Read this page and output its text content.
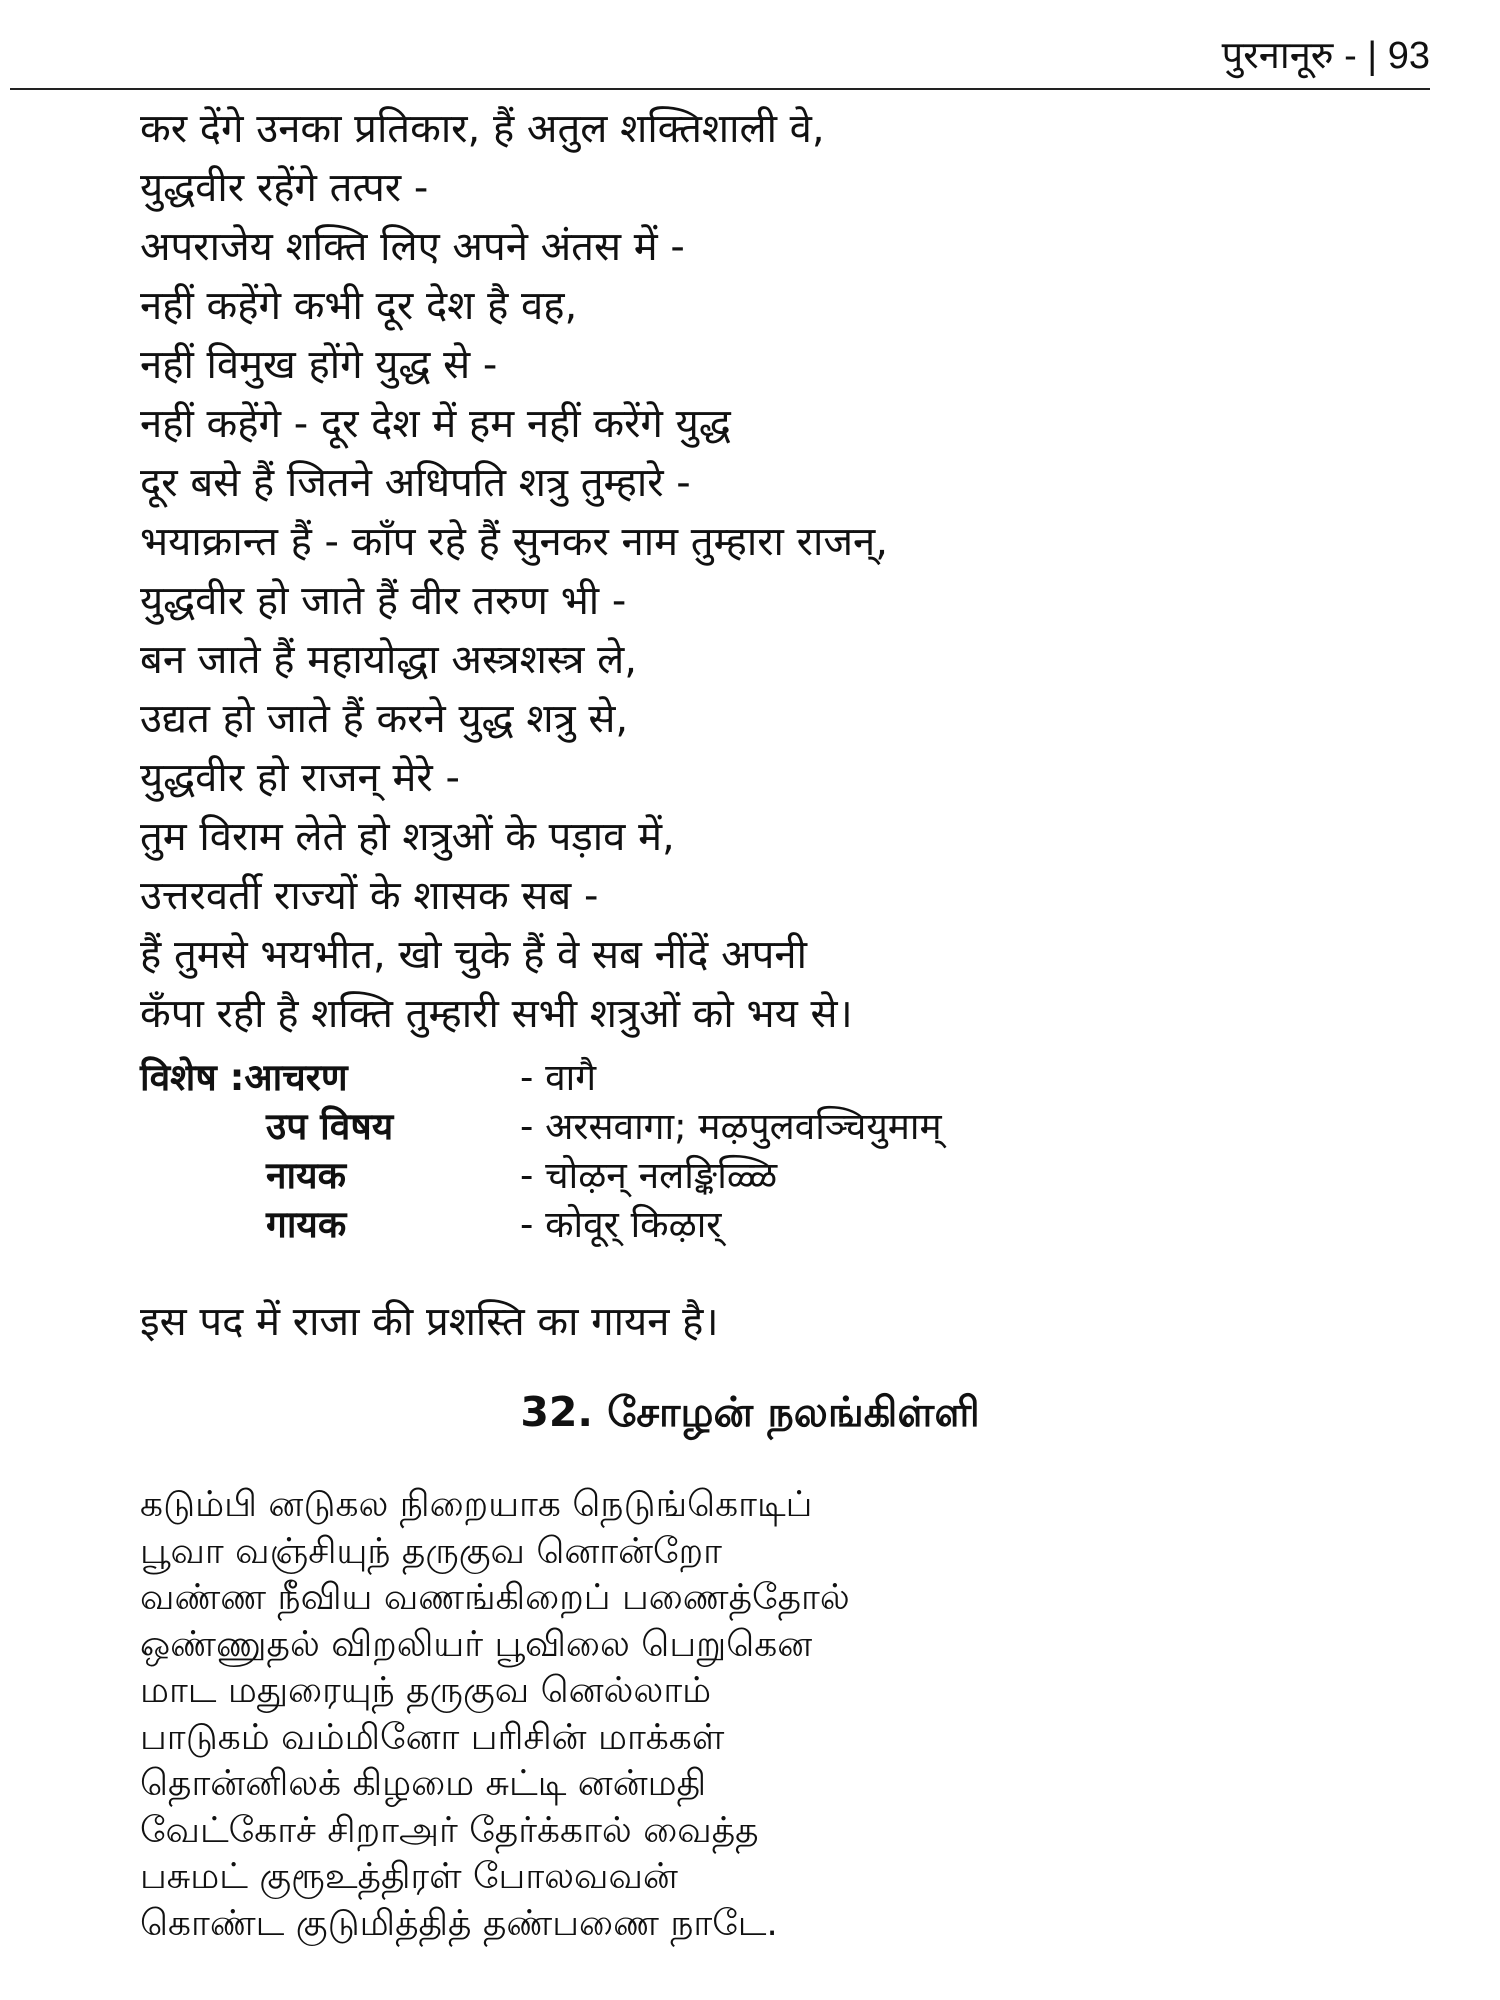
पुरनानूरु - | 93
कर देंगे उनका प्रतिकार, हैं अतुल शक्तिशाली वे,
युद्धवीर रहेंगे तत्पर -
अपराजेय शक्ति लिए अपने अंतस में -
नहीं कहेंगे कभी दूर देश है वह,
नहीं विमुख होंगे युद्ध से -
नहीं कहेंगे - दूर देश में हम नहीं करेंगे युद्ध
दूर बसे हैं जितने अधिपति शत्रु तुम्हारे -
भयाक्रान्त हैं - काँप रहे हैं सुनकर नाम तुम्हारा राजन्,
युद्धवीर हो जाते हैं वीर तरुण भी -
बन जाते हैं महायोद्धा अस्त्रशस्त्र ले,
उद्यत हो जाते हैं करने युद्ध शत्रु से,
युद्धवीर हो राजन् मेरे -
तुम विराम लेते हो शत्रुओं के पड़ाव में,
उत्तरवर्ती राज्यों के शासक सब -
हैं तुमसे भयभीत, खो चुके हैं वे सब नींदें अपनी
कँपा रही है शक्ति तुम्हारी सभी शत्रुओं को भय से।
विशेष :आचरण	- वागै
उप विषय	- अरसवागा; मऴपुलवञ्चियुमाम्
नायक	- चोऴन् नलङ्किळ्ळि
गायक	- कोवूर् किऴार्
इस पद में राजा की प्रशस्ति का गायन है।
32. சோழன் நலங்கிள்ளி
கடும்பி னடுகல நிறையாக நெடுங்கொடிப்
பூவா வஞ்சியுந் தருகுவ னொன்றோ
வண்ண நீவிய வணங்கிறைப் பணைத்தோல்
ஒண்ணுதல் விறலியர் பூவிலை பெறுகென
மாட மதுரையுந் தருகுவ னெல்லாம்
பாடுகம் வம்மினோ பரிசின் மாக்கள்
தொன்னிலக் கிழமை சுட்டி னன்மதி
வேட்கோச் சிறாஅர் தேர்க்கால் வைத்த
பசுமட் குரூஉத்திரள் போலவவன்
கொண்ட குடுமித்தித் தண்பணை நாடே.
